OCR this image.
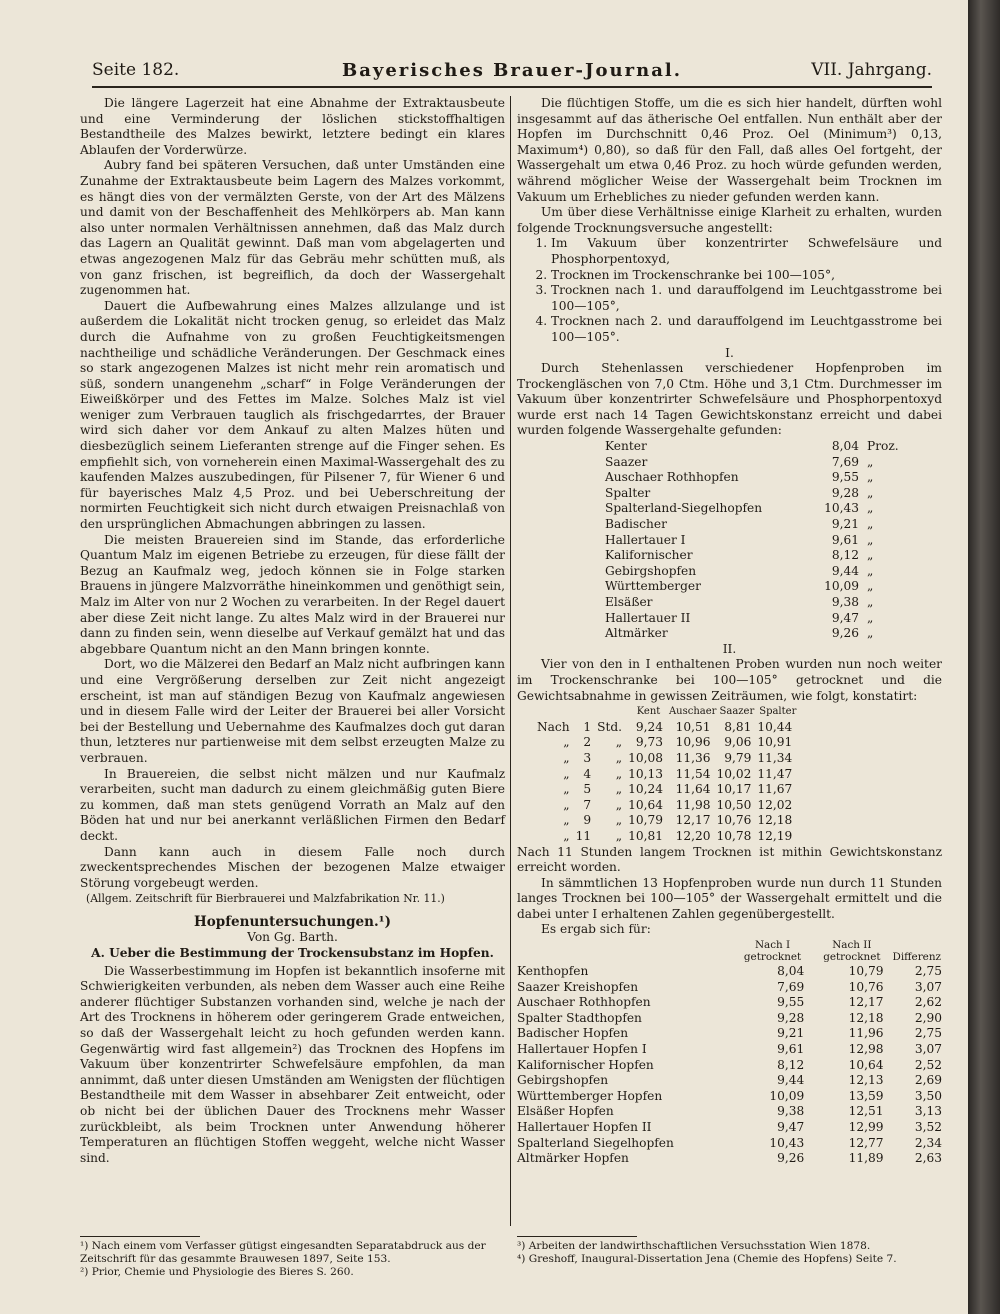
Seite 182.	Bayerisches Brauer-Journal.	VII. Jahrgang.

Die längere Lagerzeit hat eine Abnahme der Extraktausbeute und eine Verminderung der löslichen stickstoffhaltigen Bestandtheile des Malzes bewirkt, letztere bedingt ein klares Ablaufen der Vorderwürze.

Aubry fand bei späteren Versuchen, daß unter Umständen eine Zunahme der Extraktausbeute beim Lagern des Malzes vorkommt, es hängt dies von der vermälzten Gerste, von der Art des Mälzens und damit von der Beschaffenheit des Mehlkörpers ab. Man kann also unter normalen Verhältnissen annehmen, daß das Malz durch das Lagern an Qualität gewinnt. Daß man vom abgelagerten und etwas angezogenen Malz für das Gebräu mehr schütten muß, als von ganz frischen, ist begreiflich, da doch der Wassergehalt zugenommen hat.

Dauert die Aufbewahrung eines Malzes allzulange und ist außerdem die Lokalität nicht trocken genug, so erleidet das Malz durch die Aufnahme von zu großen Feuchtigkeitsmengen nachtheilige und schädliche Veränderungen. Der Geschmack eines so stark angezogenen Malzes ist nicht mehr rein aromatisch und süß, sondern unangenehm „scharf“ in Folge Veränderungen der Eiweißkörper und des Fettes im Malze. Solches Malz ist viel weniger zum Verbrauen tauglich als frischgedarrtes, der Brauer wird sich daher vor dem Ankauf zu alten Malzes hüten und diesbezüglich seinem Lieferanten strenge auf die Finger sehen. Es empfiehlt sich, von vorneherein einen Maximal-Wassergehalt des zu kaufenden Malzes auszubedingen, für Pilsener 7, für Wiener 6 und für bayerisches Malz 4,5 Proz. und bei Ueberschreitung der normirten Feuchtigkeit sich nicht durch etwaigen Preisnachlaß von den ursprünglichen Abmachungen abbringen zu lassen.

Die meisten Brauereien sind im Stande, das erforderliche Quantum Malz im eigenen Betriebe zu erzeugen, für diese fällt der Bezug an Kaufmalz weg, jedoch können sie in Folge starken Brauens in jüngere Malzvorräthe hineinkommen und genöthigt sein, Malz im Alter von nur 2 Wochen zu verarbeiten. In der Regel dauert aber diese Zeit nicht lange. Zu altes Malz wird in der Brauerei nur dann zu finden sein, wenn dieselbe auf Verkauf gemälzt hat und das abgebbare Quantum nicht an den Mann bringen konnte.

Dort, wo die Mälzerei den Bedarf an Malz nicht aufbringen kann und eine Vergrößerung derselben zur Zeit nicht angezeigt erscheint, ist man auf ständigen Bezug von Kaufmalz angewiesen und in diesem Falle wird der Leiter der Brauerei bei aller Vorsicht bei der Bestellung und Uebernahme des Kaufmalzes doch gut daran thun, letzteres nur partienweise mit dem selbst erzeugten Malze zu verbrauen.

In Brauereien, die selbst nicht mälzen und nur Kaufmalz verarbeiten, sucht man dadurch zu einem gleichmäßig guten Biere zu kommen, daß man stets genügend Vorrath an Malz auf den Böden hat und nur bei anerkannt verläßlichen Firmen den Bedarf deckt.

Dann kann auch in diesem Falle noch durch zweckentsprechendes Mischen der bezogenen Malze etwaiger Störung vorgebeugt werden.

(Allgem. Zeitschrift für Bierbrauerei und Malzfabrikation Nr. 11.)

Hopfenuntersuchungen.¹)
Von Gg. Barth.
A. Ueber die Bestimmung der Trockensubstanz im Hopfen.

Die Wasserbestimmung im Hopfen ist bekanntlich insoferne mit Schwierigkeiten verbunden, als neben dem Wasser auch eine Reihe anderer flüchtiger Substanzen vorhanden sind, welche je nach der Art des Trocknens in höherem oder geringerem Grade entweichen, so daß der Wassergehalt leicht zu hoch gefunden werden kann. Gegenwärtig wird fast allgemein²) das Trocknen des Hopfens im Vakuum über konzentrirter Schwefelsäure empfohlen, da man annimmt, daß unter diesen Umständen am Wenigsten der flüchtigen Bestandtheile mit dem Wasser in absehbarer Zeit entweicht, oder ob nicht bei der üblichen Dauer des Trocknens mehr Wasser zurückbleibt, als beim Trocknen unter Anwendung höherer Temperaturen an flüchtigen Stoffen weggeht, welche nicht Wasser sind.

¹) Nach einem vom Verfasser gütigst eingesandten Separatabdruck aus der Zeitschrift für das gesammte Brauwesen 1897, Seite 153.

²) Prior, Chemie und Physiologie des Bieres S. 260.

Die flüchtigen Stoffe, um die es sich hier handelt, dürften wohl insgesammt auf das ätherische Oel entfallen. Nun enthält aber der Hopfen im Durchschnitt 0,46 Proz. Oel (Minimum³) 0,13, Maximum⁴) 0,80), so daß für den Fall, daß alles Oel fortgeht, der Wassergehalt um etwa 0,46 Proz. zu hoch würde gefunden werden, während möglicher Weise der Wassergehalt beim Trocknen im Vakuum um Erhebliches zu nieder gefunden werden kann.

Um über diese Verhältnisse einige Klarheit zu erhalten, wurden folgende Trocknungsversuche angestellt:

1. Im Vakuum über konzentrirter Schwefelsäure und Phosphorpentoxyd,
2. Trocknen im Trockenschranke bei 100—105°,
3. Trocknen nach 1. und darauffolgend im Leuchtgasstrome bei 100—105°,
4. Trocknen nach 2. und darauffolgend im Leuchtgasstrome bei 100—105°.
I.

Durch Stehenlassen verschiedener Hopfenproben im Trockengläschen von 7,0 Ctm. Höhe und 3,1 Ctm. Durchmesser im Vakuum über konzentrirter Schwefelsäure und Phosphorpentoxyd wurde erst nach 14 Tagen Gewichtskonstanz erreicht und dabei wurden folgende Wassergehalte gefunden:

Kenter	8,04	Proz.
Saazer	7,69	„
Auschaer Rothhopfen	9,55	„
Spalter	9,28	„
Spalterland-Siegelhopfen	10,43	„
Badischer	9,21	„
Hallertauer I	9,61	„
Kalifornischer	8,12	„
Gebirgshopfen	9,44	„
Württemberger	10,09	„
Elsäßer	9,38	„
Hallertauer II	9,47	„
Altmärker	9,26	„
II.

Vier von den in I enthaltenen Proben wurden nun noch weiter im Trockenschranke bei 100—105° getrocknet und die Gewichtsabnahme in gewissen Zeiträumen, wie folgt, konstatirt:

			Kent	Auschaer	Saazer	Spalter
Nach	1	Std.	9,24	10,51	8,81	10,44
„	2	„	9,73	10,96	9,06	10,91
„	3	„	10,08	11,36	9,79	11,34
„	4	„	10,13	11,54	10,02	11,47
„	5	„	10,24	11,64	10,17	11,67
„	7	„	10,64	11,98	10,50	12,02
„	9	„	10,79	12,17	10,76	12,18
„	11	„	10,81	12,20	10,78	12,19

Nach 11 Stunden langem Trocknen ist mithin Gewichtskonstanz erreicht worden.

In sämmtlichen 13 Hopfenproben wurde nun durch 11 Stunden langes Trocknen bei 100—105° der Wassergehalt ermittelt und die dabei unter I erhaltenen Zahlen gegenübergestellt.

Es ergab sich für:

	Nach I getrocknet	Nach II getrocknet	Differenz
Kenthopfen	8,04	10,79	2,75
Saazer Kreishopfen	7,69	10,76	3,07
Auschaer Rothhopfen	9,55	12,17	2,62
Spalter Stadthopfen	9,28	12,18	2,90
Badischer Hopfen	9,21	11,96	2,75
Hallertauer Hopfen I	9,61	12,98	3,07
Kalifornischer Hopfen	8,12	10,64	2,52
Gebirgshopfen	9,44	12,13	2,69
Württemberger Hopfen	10,09	13,59	3,50
Elsäßer Hopfen	9,38	12,51	3,13
Hallertauer Hopfen II	9,47	12,99	3,52
Spalterland Siegelhopfen	10,43	12,77	2,34
Altmärker Hopfen	9,26	11,89	2,63

³) Arbeiten der landwirthschaftlichen Versuchsstation Wien 1878.

⁴) Greshoff, Inaugural-Dissertation Jena (Chemie des Hopfens) Seite 7.
